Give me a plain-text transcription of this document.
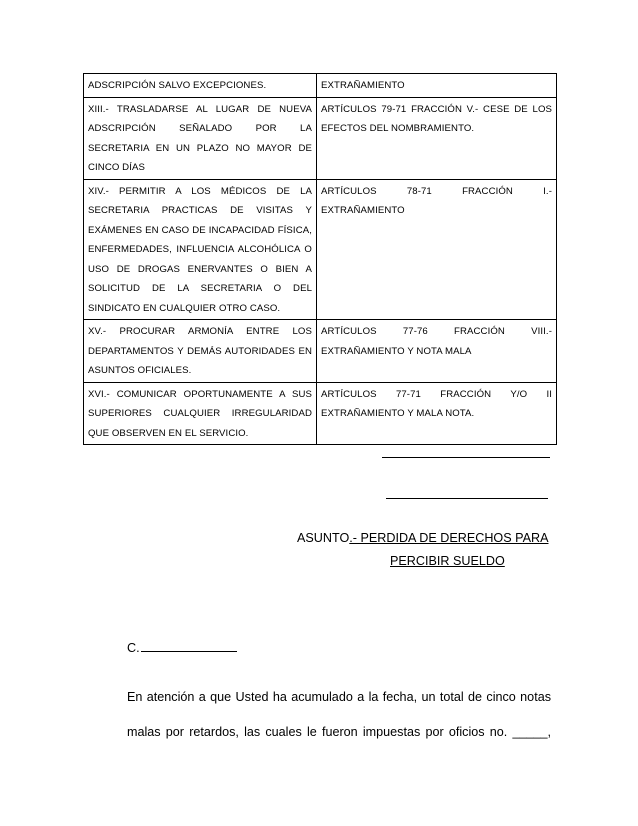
ADSCRIPCIÓN SALVO EXCEPCIONES.	EXTRAÑAMIENTO
XIII.- TRASLADARSE AL LUGAR DE NUEVA ADSCRIPCIÓN SEÑALADO POR LA SECRETARIA EN UN PLAZO NO MAYOR DE CINCO DÍAS	ARTÍCULOS 79-71 FRACCIÓN V.- CESE DE LOS EFECTOS DEL NOMBRAMIENTO.
XIV.- PERMITIR A LOS MÉDICOS DE LA SECRETARIA PRACTICAS DE VISITAS Y EXÁMENES EN CASO DE INCAPACIDAD FÍSICA, ENFERMEDADES, INFLUENCIA ALCOHÓLICA O USO DE DROGAS ENERVANTES O BIEN A SOLICITUD DE LA SECRETARIA O DEL SINDICATO EN CUALQUIER OTRO CASO.	ARTÍCULOS 78-71 FRACCIÓN I.- EXTRAÑAMIENTO
XV.- PROCURAR ARMONÍA ENTRE LOS DEPARTAMENTOS Y DEMÁS AUTORIDADES EN ASUNTOS OFICIALES.	ARTÍCULOS 77-76 FRACCIÓN VIII.- EXTRAÑAMIENTO Y NOTA MALA
XVI.- COMUNICAR OPORTUNAMENTE A SUS SUPERIORES CUALQUIER IRREGULARIDAD QUE OBSERVEN EN EL SERVICIO.	ARTÍCULOS 77-71 FRACCIÓN Y/O II EXTRAÑAMIENTO Y MALA NOTA.
ASUNTO.- PERDIDA DE DERECHOS PARA
PERCIBIR SUELDO
C.
En atención a que Usted ha acumulado a la fecha, un total de cinco notas
malas por retardos, las cuales le fueron impuestas por oficios no. _____,
